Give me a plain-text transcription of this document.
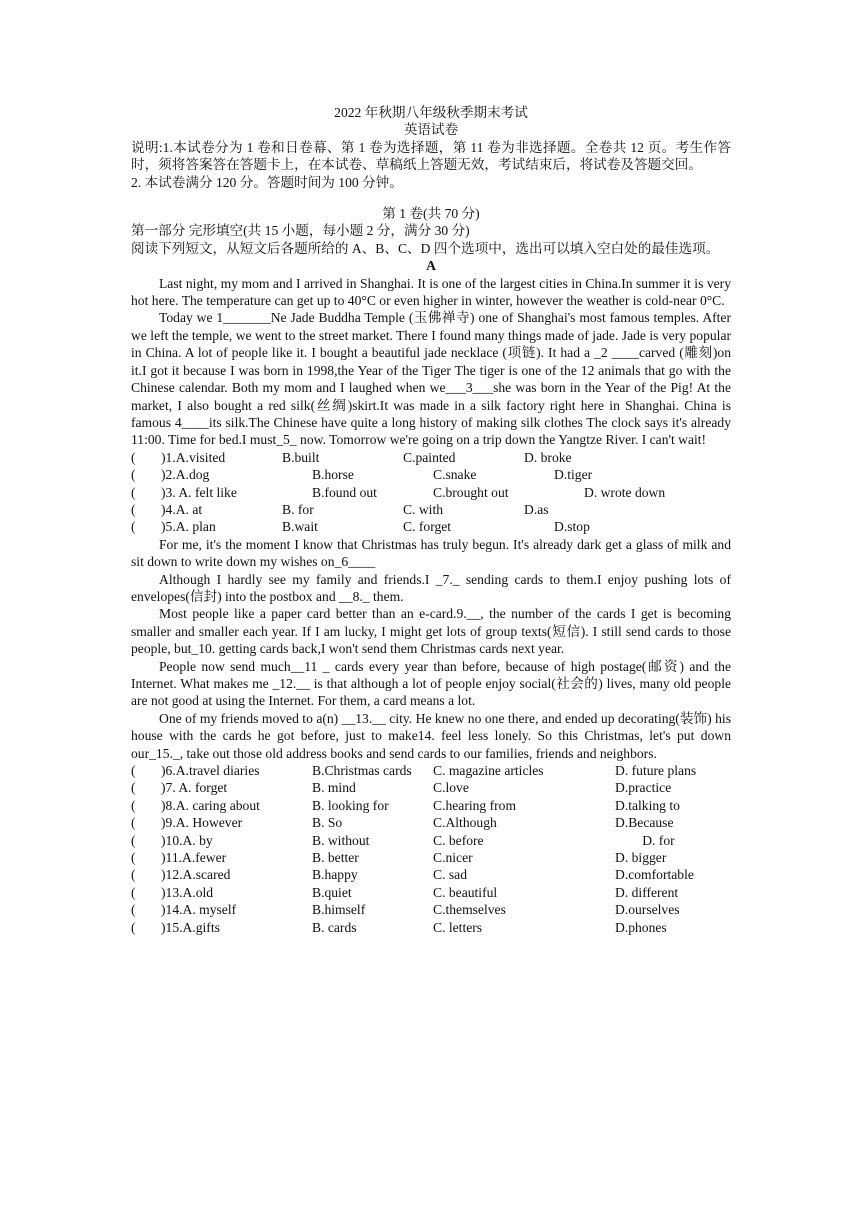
2022 年秋期八年级秋季期末考试

英语试卷

说明:1.本试卷分为 1 卷和日卷幕、第 1 卷为选择题，第 11 卷为非选择题。全卷共 12 页。考生作答时，须将答案答在答题卡上，在本试卷、草稿纸上答题无效，考试结束后，将试卷及答题交回。

2. 本试卷满分 120 分。答题时间为 100 分钟。

第 1 卷(共 70 分)

第一部分 完形填空(共 15 小题，每小题 2 分，满分 30 分)

阅读下列短文，从短文后各题所给的 A、B、C、D 四个选项中，选出可以填入空白处的最佳选项。

A

Last night, my mom and I arrived in Shanghai. It is one of the largest cities in China.In summer it is very hot here. The temperature can get up to 40°C or even higher in winter, however the weather is cold-near 0°C.

Today we 1_______Ne Jade Buddha Temple (玉佛禅寺) one of Shanghai's most famous temples. After we left the temple, we went to the street market. There I found many things made of jade. Jade is very popular in China. A lot of people like it. I bought a beautiful jade necklace (项链). It had a _2 ____carved (雕刻)on it.I got it because I was born in 1998,the Year of the Tiger The tiger is one of the 12 animals that go with the Chinese calendar. Both my mom and I laughed when we___3___she was born in the Year of the Pig! At the market, I also bought a red silk(丝绸)skirt.It was made in a silk factory right here in Shanghai. China is famous 4____its silk.The Chinese have quite a long history of making silk clothes The clock says it's already 11:00. Time for bed.I must_5_ now. Tomorrow we're going on a trip down the Yangtze River. I can't wait!

(	)1.A.visited	B.built	C.painted	D. broke
(	)2.A.dog	B.horse	C.snake	D.tiger
(	)3. A. felt like	B.found out	C.brought out	D. wrote down
(	)4.A. at	B. for	C. with	D.as
(	)5.A. plan	B.wait	C. forget	D.stop

For me, it's the moment I know that Christmas has truly begun. It's already dark get a glass of milk and sit down to write down my wishes on_6____

Although I hardly see my family and friends.I _7._ sending cards to them.I enjoy pushing lots of envelopes(信封) into the postbox and __8._ them.

Most people like a paper card better than an e-card.9.__, the number of the cards I get is becoming smaller and smaller each year. If I am lucky, I might get lots of group texts(短信). I still send cards to those people, but_10. getting cards back,I won't send them Christmas cards next year.

People now send much__11 _ cards every year than before, because of high postage(邮资) and the Internet. What makes me _12.__ is that although a lot of people enjoy social(社会的) lives, many old people are not good at using the Internet. For them, a card means a lot.

One of my friends moved to a(n) __13.__ city. He knew no one there, and ended up decorating(装饰) his house with the cards he got before, just to make14. feel less lonely. So this Christmas, let's put down our_15._, take out those old address books and send cards to our families, friends and neighbors.

(	)6.A.travel diaries	B.Christmas cards	C. magazine articles	D. future plans
(	)7. A. forget	B. mind	C.love	D.practice
(	)8.A. caring about	B. looking for	C.hearing from	D.talking to
(	)9.A. However	B. So	C.Although	D.Because
(	)10.A. by	B. without	C. before	D. for
(	)11.A.fewer	B. better	C.nicer	D. bigger
(	)12.A.scared	B.happy	C. sad	D.comfortable
(	)13.A.old	B.quiet	C. beautiful	D. different
(	)14.A. myself	B.himself	C.themselves	D.ourselves
(	)15.A.gifts	B. cards	C. letters	D.phones
